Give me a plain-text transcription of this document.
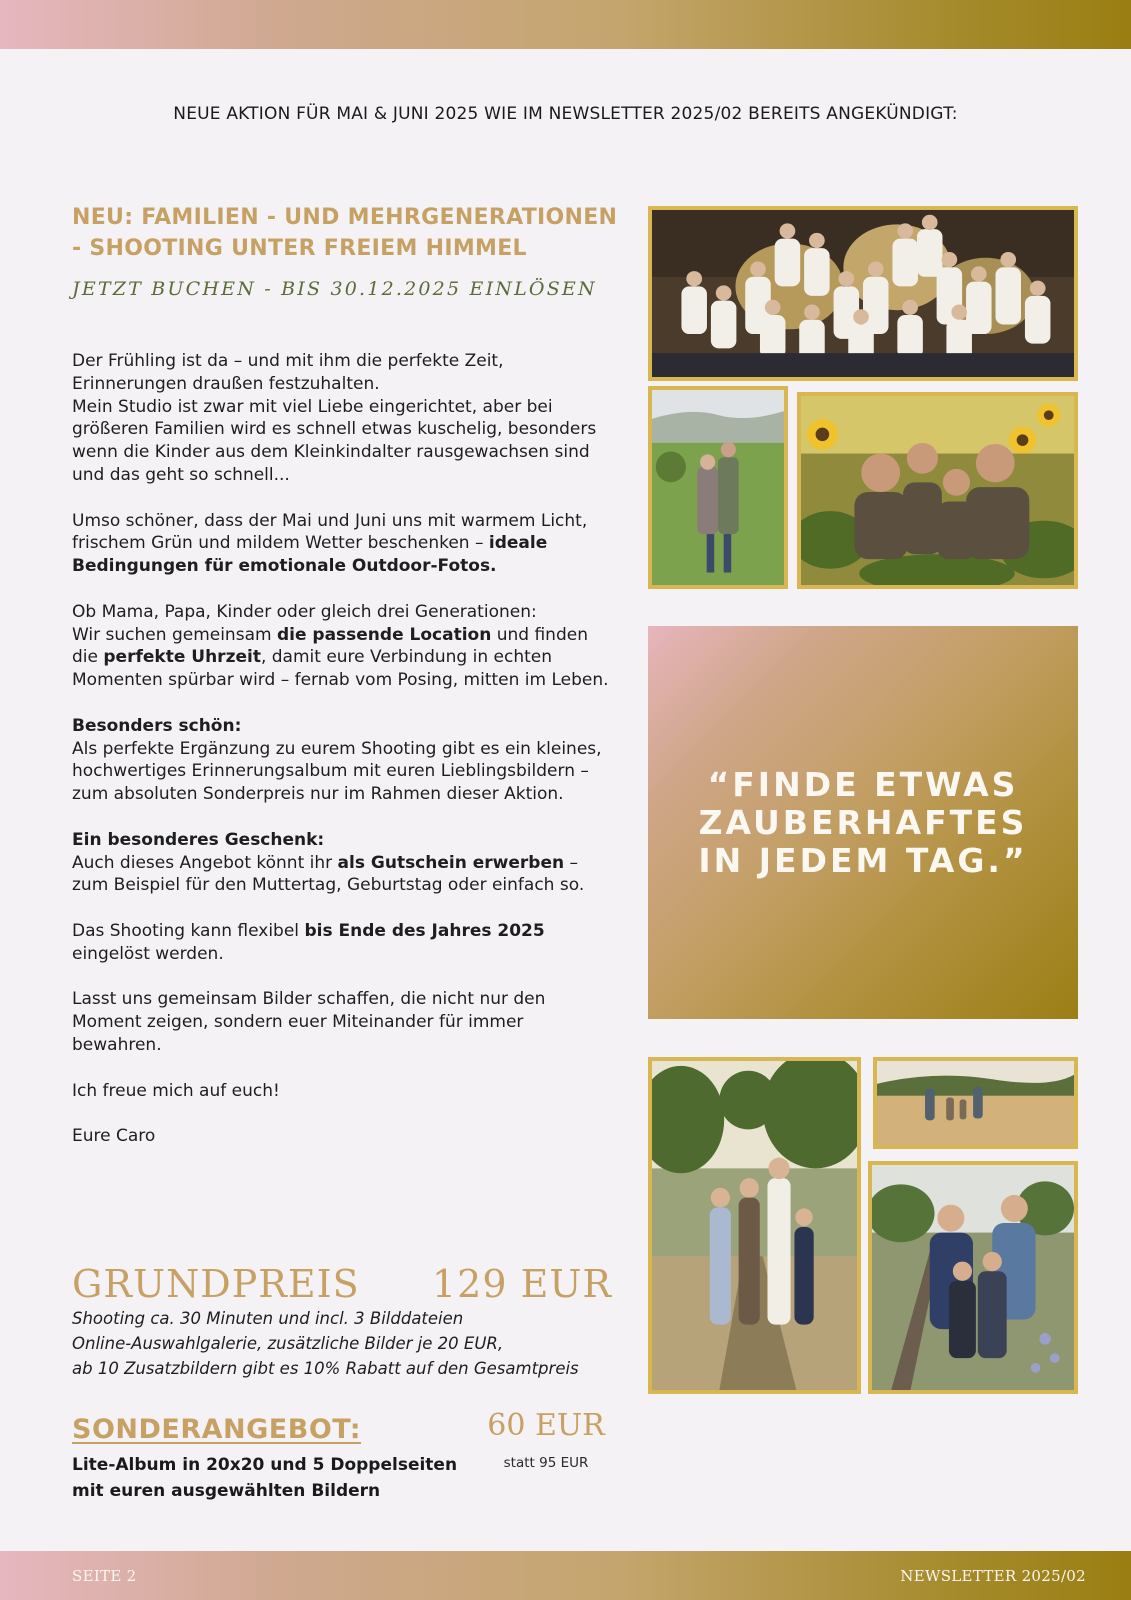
NEUE AKTION FÜR MAI & JUNI 2025 WIE IM NEWSLETTER 2025/02 BEREITS ANGEKÜNDIGT:
NEU: FAMILIEN - UND MEHRGENERATIONEN - SHOOTING UNTER FREIEM HIMMEL
JETZT BUCHEN - BIS 30.12.2025 EINLÖSEN

Der Frühling ist da – und mit ihm die perfekte Zeit, Erinnerungen draußen festzuhalten.
Mein Studio ist zwar mit viel Liebe eingerichtet, aber bei größeren Familien wird es schnell etwas kuschelig, besonders wenn die Kinder aus dem Kleinkindalter rausgewachsen sind und das geht so schnell...

Umso schöner, dass der Mai und Juni uns mit warmem Licht, frischem Grün und mildem Wetter beschenken – ideale Bedingungen für emotionale Outdoor-Fotos.

Ob Mama, Papa, Kinder oder gleich drei Generationen:
Wir suchen gemeinsam die passende Location und finden die perfekte Uhrzeit, damit eure Verbindung in echten Momenten spürbar wird – fernab vom Posing, mitten im Leben.

Besonders schön:
Als perfekte Ergänzung zu eurem Shooting gibt es ein kleines, hochwertiges Erinnerungsalbum mit euren Lieblingsbildern – zum absoluten Sonderpreis nur im Rahmen dieser Aktion.

Ein besonderes Geschenk:
Auch dieses Angebot könnt ihr als Gutschein erwerben – zum Beispiel für den Muttertag, Geburtstag oder einfach so.

Das Shooting kann flexibel bis Ende des Jahres 2025 eingelöst werden.

Lasst uns gemeinsam Bilder schaffen, die nicht nur den Moment zeigen, sondern euer Miteinander für immer bewahren.

Ich freue mich auf euch!

Eure Caro

GRUNDPREIS 129 EUR
Shooting ca. 30 Minuten und incl. 3 Bilddateien
Online-Auswahlgalerie, zusätzliche Bilder je 20 EUR,
ab 10 Zusatzbildern gibt es 10% Rabatt auf den Gesamtpreis
SONDERANGEBOT:	60 EUR
statt 95 EUR
Lite-Album in 20x20 und 5 Doppelseiten
mit euren ausgewählten Bildern
“FINDE ETWAS ZAUBERHAFTES IN JEDEM TAG.”
SEITE 2	NEWSLETTER 2025/02
